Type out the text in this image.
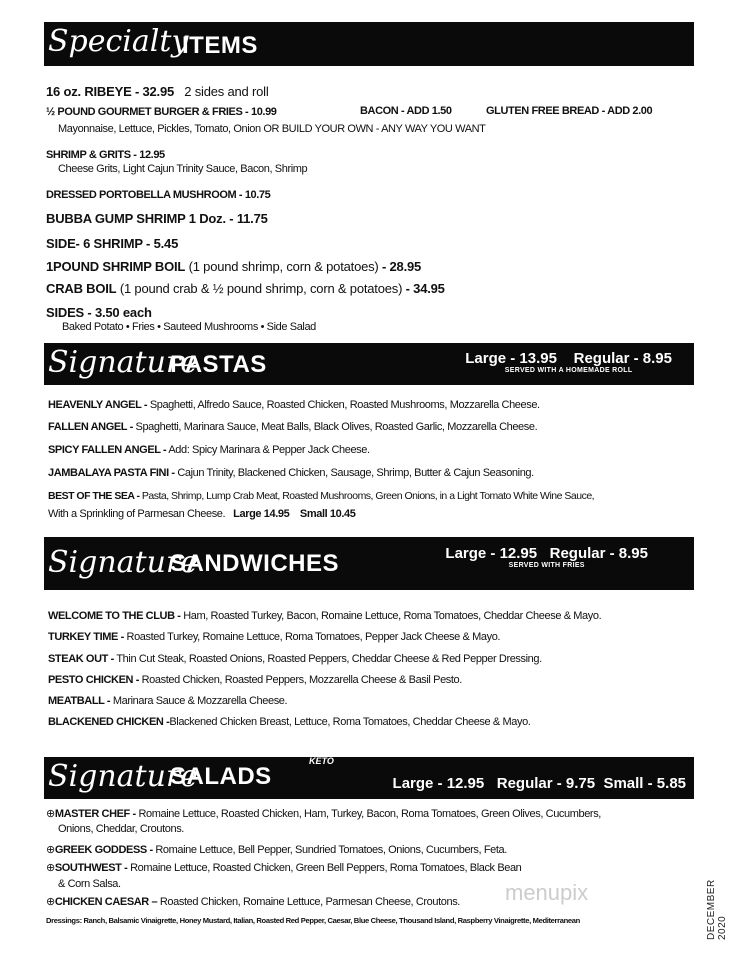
Specialty
ITEMS
16 oz. RIBEYE - 32.95 2 sides and roll
½ POUND GOURMET BURGER & FRIES - 10.99	BACON - ADD 1.50	GLUTEN FREE BREAD - ADD 2.00
Mayonnaise, Lettuce, Pickles, Tomato, Onion OR BUILD YOUR OWN - ANY WAY YOU WANT
SHRIMP & GRITS - 12.95
Cheese Grits, Light Cajun Trinity Sauce, Bacon, Shrimp
DRESSED PORTOBELLA MUSHROOM - 10.75
BUBBA GUMP SHRIMP 1 Doz. - 11.75
SIDE- 6 SHRIMP - 5.45
1POUND SHRIMP BOIL (1 pound shrimp, corn & potatoes) - 28.95
CRAB BOIL (1 pound crab & ½ pound shrimp, corn & potatoes) - 34.95
SIDES - 3.50 each
Baked Potato • Fries • Sauteed Mushrooms • Side Salad
Signature
PASTAS	Large - 13.95    Regular - 8.95
SERVED WITH A HOMEMADE ROLL
HEAVENLY ANGEL - Spaghetti, Alfredo Sauce, Roasted Chicken, Roasted Mushrooms, Mozzarella Cheese.
FALLEN ANGEL - Spaghetti, Marinara Sauce, Meat Balls, Black Olives, Roasted Garlic, Mozzarella Cheese.
SPICY FALLEN ANGEL - Add: Spicy Marinara & Pepper Jack Cheese.
JAMBALAYA PASTA FINI - Cajun Trinity, Blackened Chicken, Sausage, Shrimp, Butter & Cajun Seasoning.
BEST OF THE SEA - Pasta, Shrimp, Lump Crab Meat, Roasted Mushrooms, Green Onions, in a Light Tomato White Wine Sauce,
With a Sprinkling of Parmesan Cheese. Large 14.95    Small 10.45
Signature
SANDWICHES	Large - 12.95   Regular - 8.95
SERVED WITH FRIES
WELCOME TO THE CLUB - Ham, Roasted Turkey, Bacon, Romaine Lettuce, Roma Tomatoes, Cheddar Cheese & Mayo.
TURKEY TIME - Roasted Turkey, Romaine Lettuce, Roma Tomatoes, Pepper Jack Cheese & Mayo.
STEAK OUT - Thin Cut Steak, Roasted Onions, Roasted Peppers, Cheddar Cheese & Red Pepper Dressing.
PESTO CHICKEN - Roasted Chicken, Roasted Peppers, Mozzarella Cheese & Basil Pesto.
MEATBALL - Marinara Sauce & Mozzarella Cheese.
BLACKENED CHICKEN -Blackened Chicken Breast, Lettuce, Roma Tomatoes, Cheddar Cheese & Mayo.
Signature
SALADS
KETO
Large - 12.95   Regular - 9.75  Small - 5.85
⊕MASTER CHEF - Romaine Lettuce, Roasted Chicken, Ham, Turkey, Bacon, Roma Tomatoes, Green Olives, Cucumbers,
Onions, Cheddar, Croutons.
⊕GREEK GODDESS - Romaine Lettuce, Bell Pepper, Sundried Tomatoes, Onions, Cucumbers, Feta.
⊕SOUTHWEST - Romaine Lettuce, Roasted Chicken, Green Bell Peppers, Roma Tomatoes, Black Bean
& Corn Salsa.
⊕CHICKEN CAESAR – Roasted Chicken, Romaine Lettuce, Parmesan Cheese, Croutons.
Dressings: Ranch, Balsamic Vinaigrette, Honey Mustard, Italian, Roasted Red Pepper, Caesar, Blue Cheese, Thousand Island, Raspberry Vinaigrette, Mediterranean
menupix	DECEMBER 2020
